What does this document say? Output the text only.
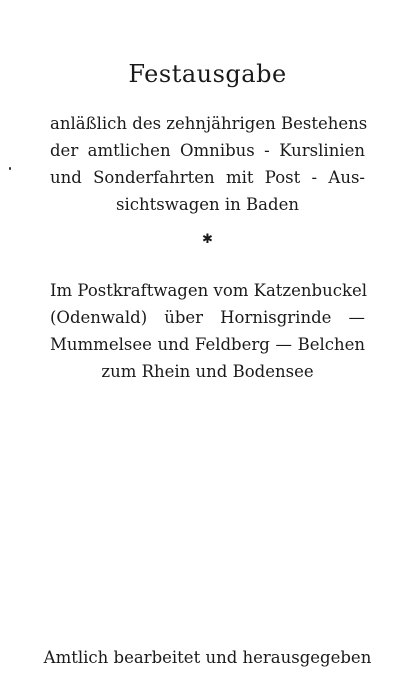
Festausgabe
anläßlich des zehnjährigen Bestehens
der amtlichen Omnibus - Kurslinien
und Sonderfahrten mit Post - Aus-
sichtswagen in Baden
✱
Im Postkraftwagen vom Katzenbuckel
(Odenwald) über Hornisgrinde —
Mummelsee und Feldberg — Belchen
zum Rhein und Bodensee
Amtlich bearbeitet und herausgegeben
